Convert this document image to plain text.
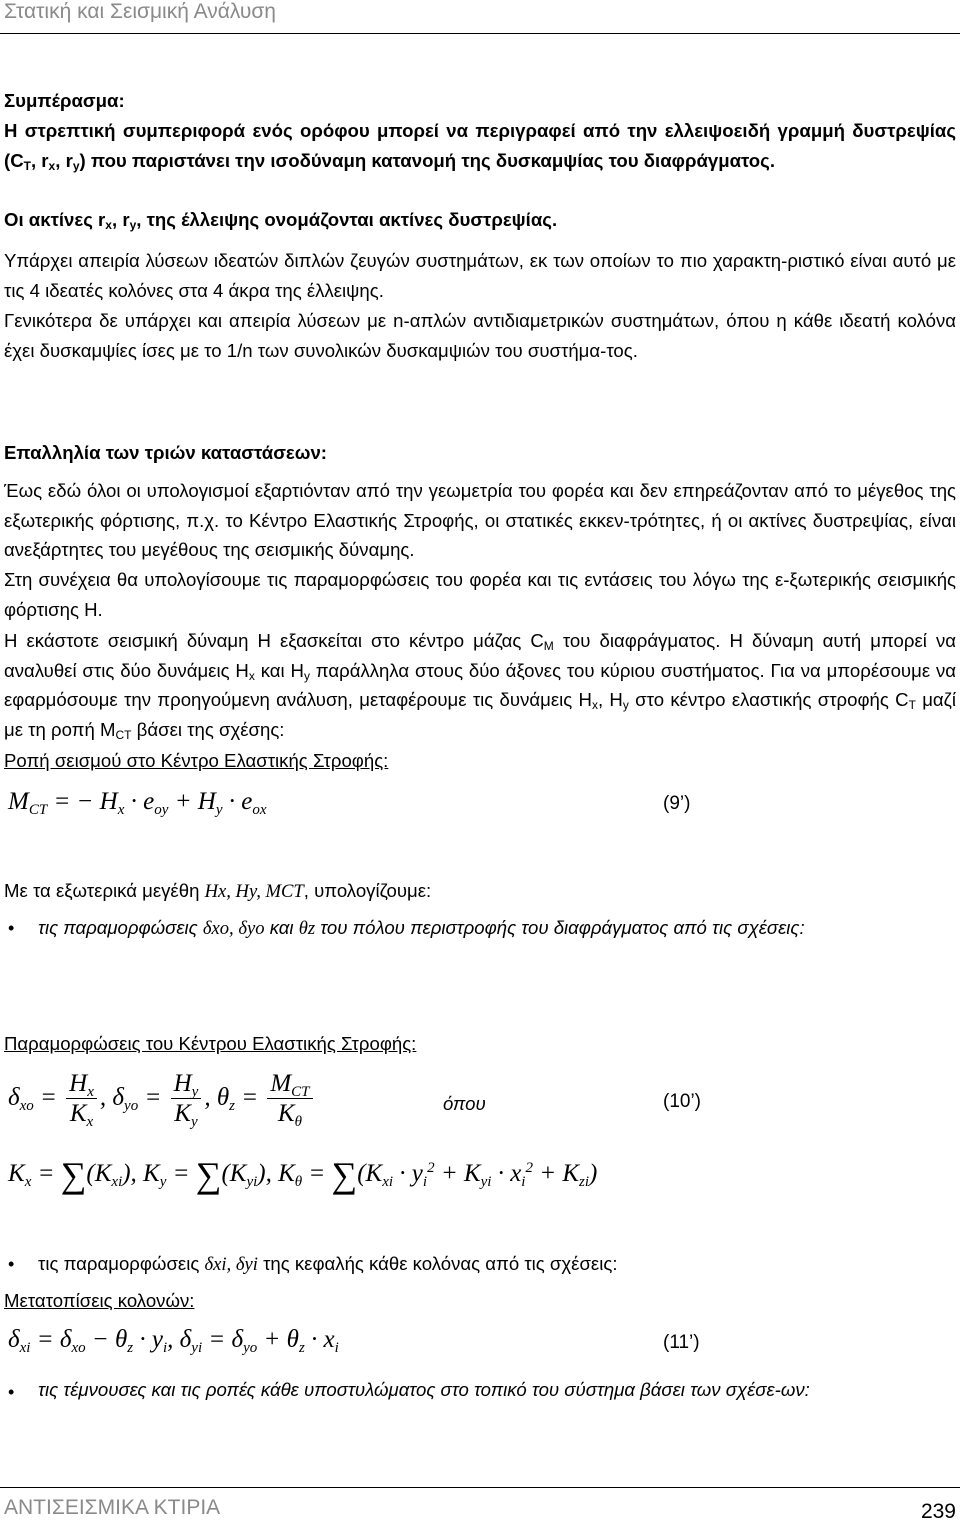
Στατική και Σεισμική Ανάλυση
Συμπέρασμα:
Η στρεπτική συμπεριφορά ενός ορόφου μπορεί να περιγραφεί από την ελλειψοειδή γραμμή δυστρεψίας ($C_T$, $r_x$, $r_y$) που παριστάνει την ισοδύναμη κατανομή της δυσκαμψίας του διαφράγματος.
Οι ακτίνες $r_x$, $r_y$, της έλλειψης ονομάζονται ακτίνες δυστρεψίας.
Υπάρχει απειρία λύσεων ιδεατών διπλών ζευγών συστημάτων, εκ των οποίων το πιο χαρακτη-ριστικό είναι αυτό με τις 4 ιδεατές κολόνες στα 4 άκρα της έλλειψης.
Γενικότερα δε υπάρχει και απειρία λύσεων με n-απλών αντιδιαμετρικών συστημάτων, όπου η κάθε ιδεατή κολόνα έχει δυσκαμψίες ίσες με το 1/n των συνολικών δυσκαμψιών του συστήμα-τος.
Επαλληλία των τριών καταστάσεων:
Έως εδώ όλοι οι υπολογισμοί εξαρτιόνταν από την γεωμετρία του φορέα και δεν επηρεάζονταν από το μέγεθος της εξωτερικής φόρτισης, π.χ. το Κέντρο Ελαστικής Στροφής, οι στατικές εκκεν-τρότητες, ή οι ακτίνες δυστρεψίας, είναι ανεξάρτητες του μεγέθους της σεισμικής δύναμης.
Στη συνέχεια θα υπολογίσουμε τις παραμορφώσεις του φορέα και τις εντάσεις του λόγω της ε-ξωτερικής σεισμικής φόρτισης H.
Η εκάστοτε σεισμική δύναμη H εξασκείται στο κέντρο μάζας $C_M$ του διαφράγματος. Η δύναμη αυτή μπορεί να αναλυθεί στις δύο δυνάμεις $H_x$ και $H_y$ παράλληλα στους δύο άξονες του κύριου συστήματος. Για να μπορέσουμε να εφαρμόσουμε την προηγούμενη ανάλυση, μεταφέρουμε τις δυνάμεις $H_x$, $H_y$ στο κέντρο ελαστικής στροφής $C_T$ μαζί με τη ροπή $M_{CT}$ βάσει της σχέσης:
Ροπή σεισμού στο Κέντρο Ελαστικής Στροφής:
$M_{CT}$ = − $H_x \cdot e_{oy} + H_y \cdot e_{ox}$	(9’)
Με τα εξωτερικά μεγέθη Hx, Hy, MCT, υπολογίζουμε:
• τις παραμορφώσεις δxo, δyo και θz του πόλου περιστροφής του διαφράγματος από τις σχέσεις:
Παραμορφώσεις του Κέντρου Ελαστικής Στροφής:
$\delta_{xo} = \frac{H_x}{K_x}$ , $\delta_{yo} = \frac{H_y}{K_y}$ , $\theta_z = \frac{M_{CT}}{K_\theta}$	όπου	(10’)
$K_x = \sum(K_{xi})$, $K_y = \sum(K_{yi})$, $K_\theta = \sum(K_{xi} \cdot y_i^2 + K_{yi} \cdot x_i^2 + K_{zi})$
• τις παραμορφώσεις δxi, δyi της κεφαλής κάθε κολόνας από τις σχέσεις:
Μετατοπίσεις κολονών:
$\delta_{xi} = \delta_{xo} - \theta_z \cdot y_i$, $\delta_{yi} = \delta_{yo} + \theta_z \cdot x_i$	(11’)
• τις τέμνουσες και τις ροπές κάθε υποστυλώματος στο τοπικό του σύστημα βάσει των σχέσε-ων:
ΑΝΤΙΣΕΙΣΜΙΚΑ ΚΤΙΡΙΑ	239
